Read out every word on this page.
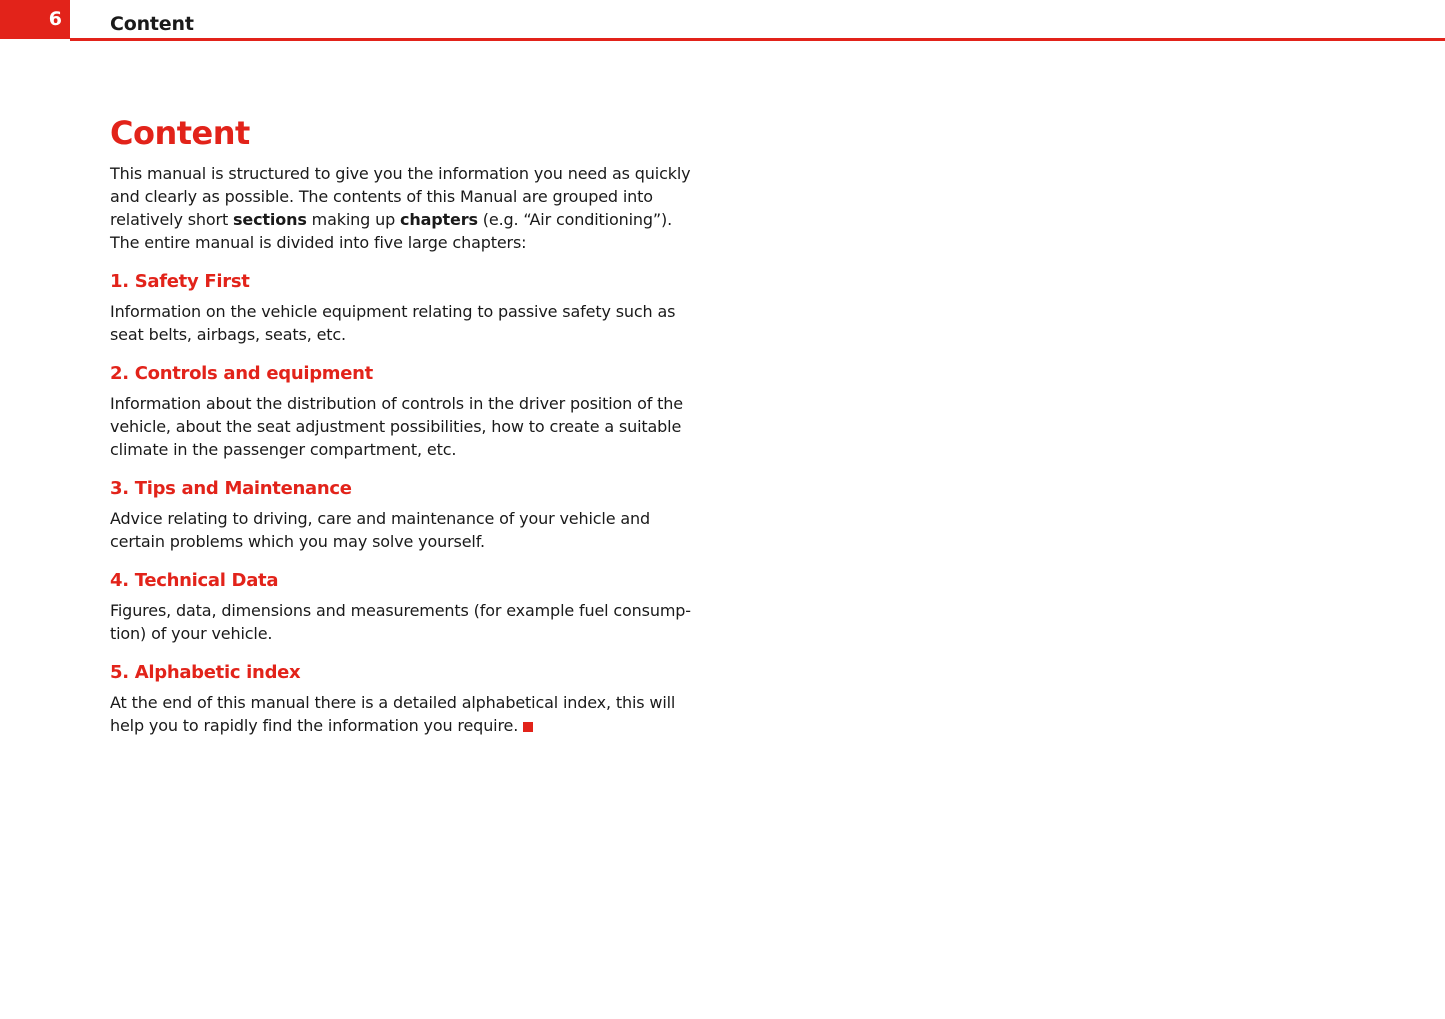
6	Content
Content

This manual is structured to give you the information you need as quickly and clearly as possible. The contents of this Manual are grouped into relatively short sections making up chapters (e.g. “Air conditioning”). The entire manual is divided into five large chapters:

1. Safety First

Information on the vehicle equipment relating to passive safety such as seat belts, airbags, seats, etc.

2. Controls and equipment

Information about the distribution of controls in the driver position of the vehicle, about the seat adjustment possibilities, how to create a suitable climate in the passenger compartment, etc.

3. Tips and Maintenance

Advice relating to driving, care and maintenance of your vehicle and certain problems which you may solve yourself.

4. Technical Data

Figures, data, dimensions and measurements (for example fuel consump-tion) of your vehicle.

5. Alphabetic index

At the end of this manual there is a detailed alphabetical index, this will help you to rapidly find the information you require.
